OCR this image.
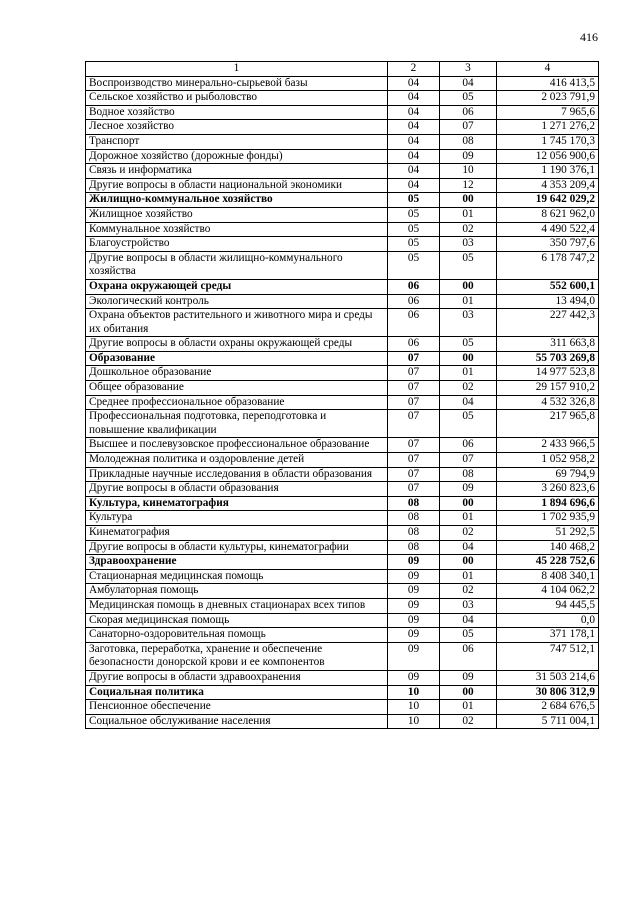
416
1	2	3	4
Воспроизводство минерально-сырьевой базы	04	04	416 413,5
Сельское хозяйство и рыболовство	04	05	2 023 791,9
Водное хозяйство	04	06	7 965,6
Лесное хозяйство	04	07	1 271 276,2
Транспорт	04	08	1 745 170,3
Дорожное хозяйство (дорожные фонды)	04	09	12 056 900,6
Связь и информатика	04	10	1 190 376,1
Другие вопросы в области национальной экономики	04	12	4 353 209,4
Жилищно-коммунальное хозяйство	05	00	19 642 029,2
Жилищное хозяйство	05	01	8 621 962,0
Коммунальное хозяйство	05	02	4 490 522,4
Благоустройство	05	03	350 797,6
Другие вопросы в области жилищно-коммунального хозяйства	05	05	6 178 747,2
Охрана окружающей среды	06	00	552 600,1
Экологический контроль	06	01	13 494,0
Охрана объектов растительного и животного мира и среды их обитания	06	03	227 442,3
Другие вопросы в области охраны окружающей среды	06	05	311 663,8
Образование	07	00	55 703 269,8
Дошкольное образование	07	01	14 977 523,8
Общее образование	07	02	29 157 910,2
Среднее профессиональное образование	07	04	4 532 326,8
Профессиональная подготовка, переподготовка и повышение квалификации	07	05	217 965,8
Высшее и послевузовское профессиональное образование	07	06	2 433 966,5
Молодежная политика и оздоровление детей	07	07	1 052 958,2
Прикладные научные исследования в области образования	07	08	69 794,9
Другие вопросы в области образования	07	09	3 260 823,6
Культура, кинематография	08	00	1 894 696,6
Культура	08	01	1 702 935,9
Кинематография	08	02	51 292,5
Другие вопросы в области культуры, кинематографии	08	04	140 468,2
Здравоохранение	09	00	45 228 752,6
Стационарная медицинская помощь	09	01	8 408 340,1
Амбулаторная помощь	09	02	4 104 062,2
Медицинская помощь в дневных стационарах всех типов	09	03	94 445,5
Скорая медицинская помощь	09	04	0,0
Санаторно-оздоровительная помощь	09	05	371 178,1
Заготовка, переработка, хранение и обеспечение безопасности донорской крови и ее компонентов	09	06	747 512,1
Другие вопросы в области здравоохранения	09	09	31 503 214,6
Социальная политика	10	00	30 806 312,9
Пенсионное обеспечение	10	01	2 684 676,5
Социальное обслуживание населения	10	02	5 711 004,1
